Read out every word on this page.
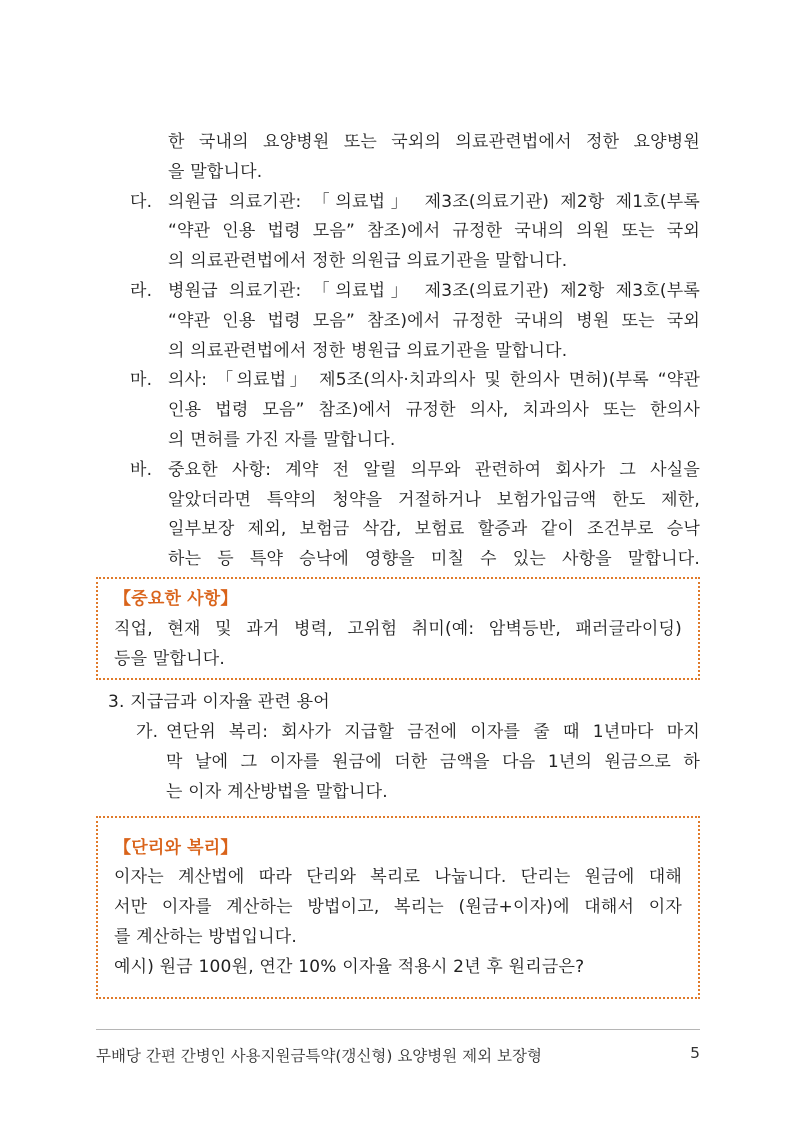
한 국내의 요양병원 또는 국외의 의료관련법에서 정한 요양병원
을 말합니다.
다. 의원급 의료기관: 「의료법」 제3조(의료기관) 제2항 제1호(부록
“약관 인용 법령 모음” 참조)에서 규정한 국내의 의원 또는 국외
의 의료관련법에서 정한 의원급 의료기관을 말합니다.
라. 병원급 의료기관: 「의료법」 제3조(의료기관) 제2항 제3호(부록
“약관 인용 법령 모음” 참조)에서 규정한 국내의 병원 또는 국외
의 의료관련법에서 정한 병원급 의료기관을 말합니다.
마. 의사: 「의료법」 제5조(의사·치과의사 및 한의사 면허)(부록 “약관
인용 법령 모음” 참조)에서 규정한 의사, 치과의사 또는 한의사
의 면허를 가진 자를 말합니다.
바. 중요한 사항: 계약 전 알릴 의무와 관련하여 회사가 그 사실을
알았더라면 특약의 청약을 거절하거나 보험가입금액 한도 제한,
일부보장 제외, 보험금 삭감, 보험료 할증과 같이 조건부로 승낙
하는 등 특약 승낙에 영향을 미칠 수 있는 사항을 말합니다.
【중요한 사항】
직업, 현재 및 과거 병력, 고위험 취미(예: 암벽등반, 패러글라이딩)
등을 말합니다.
3. 지급금과 이자율 관련 용어
가. 연단위 복리: 회사가 지급할 금전에 이자를 줄 때 1년마다 마지
막 날에 그 이자를 원금에 더한 금액을 다음 1년의 원금으로 하
는 이자 계산방법을 말합니다.
【단리와 복리】
이자는 계산법에 따라 단리와 복리로 나눕니다. 단리는 원금에 대해
서만 이자를 계산하는 방법이고, 복리는 (원금+이자)에 대해서 이자
를 계산하는 방법입니다.
예시) 원금 100원, 연간 10% 이자율 적용시 2년 후 원리금은?
무배당 간편 간병인 사용지원금특약(갱신형) 요양병원 제외 보장형	5
